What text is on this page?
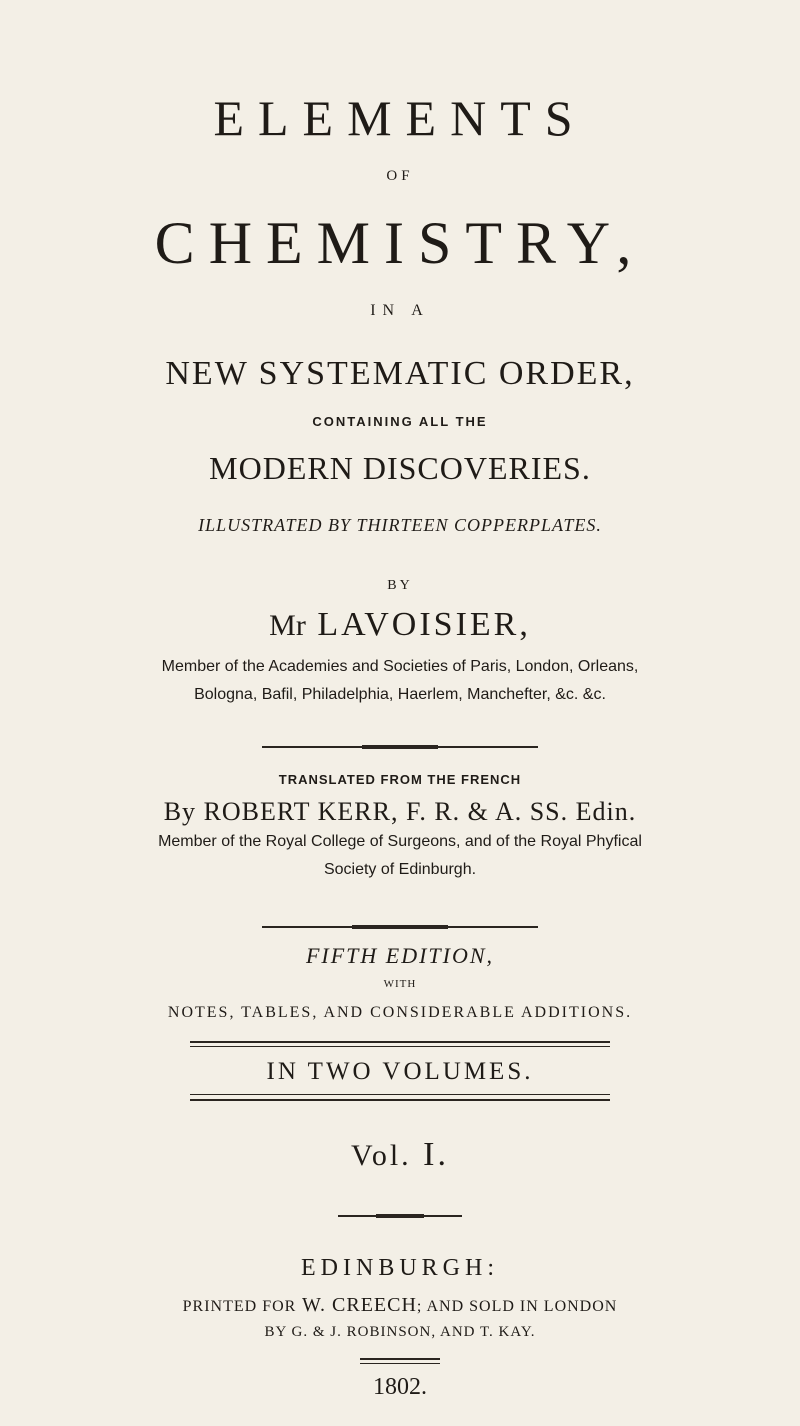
ELEMENTS
OF
CHEMISTRY,
IN A
NEW SYSTEMATIC ORDER,
CONTAINING ALL THE
MODERN DISCOVERIES.
ILLUSTRATED BY THIRTEEN COPPERPLATES.
BY
Mr LAVOISIER,
Member of the Academies and Societies of Paris, London, Orleans,
Bologna, Bafil, Philadelphia, Haerlem, Manchefter, &c. &c.
TRANSLATED FROM THE FRENCH
By ROBERT KERR, F. R. & A. SS. Edin.
Member of the Royal College of Surgeons, and of the Royal Phyfical
Society of Edinburgh.
FIFTH EDITION,
WITH
NOTES, TABLES, AND CONSIDERABLE ADDITIONS.
IN TWO VOLUMES.
Vol. I.
EDINBURGH:
PRINTED FOR W. CREECH; AND SOLD IN LONDON
BY G. & J. ROBINSON, AND T. KAY.
1802.
